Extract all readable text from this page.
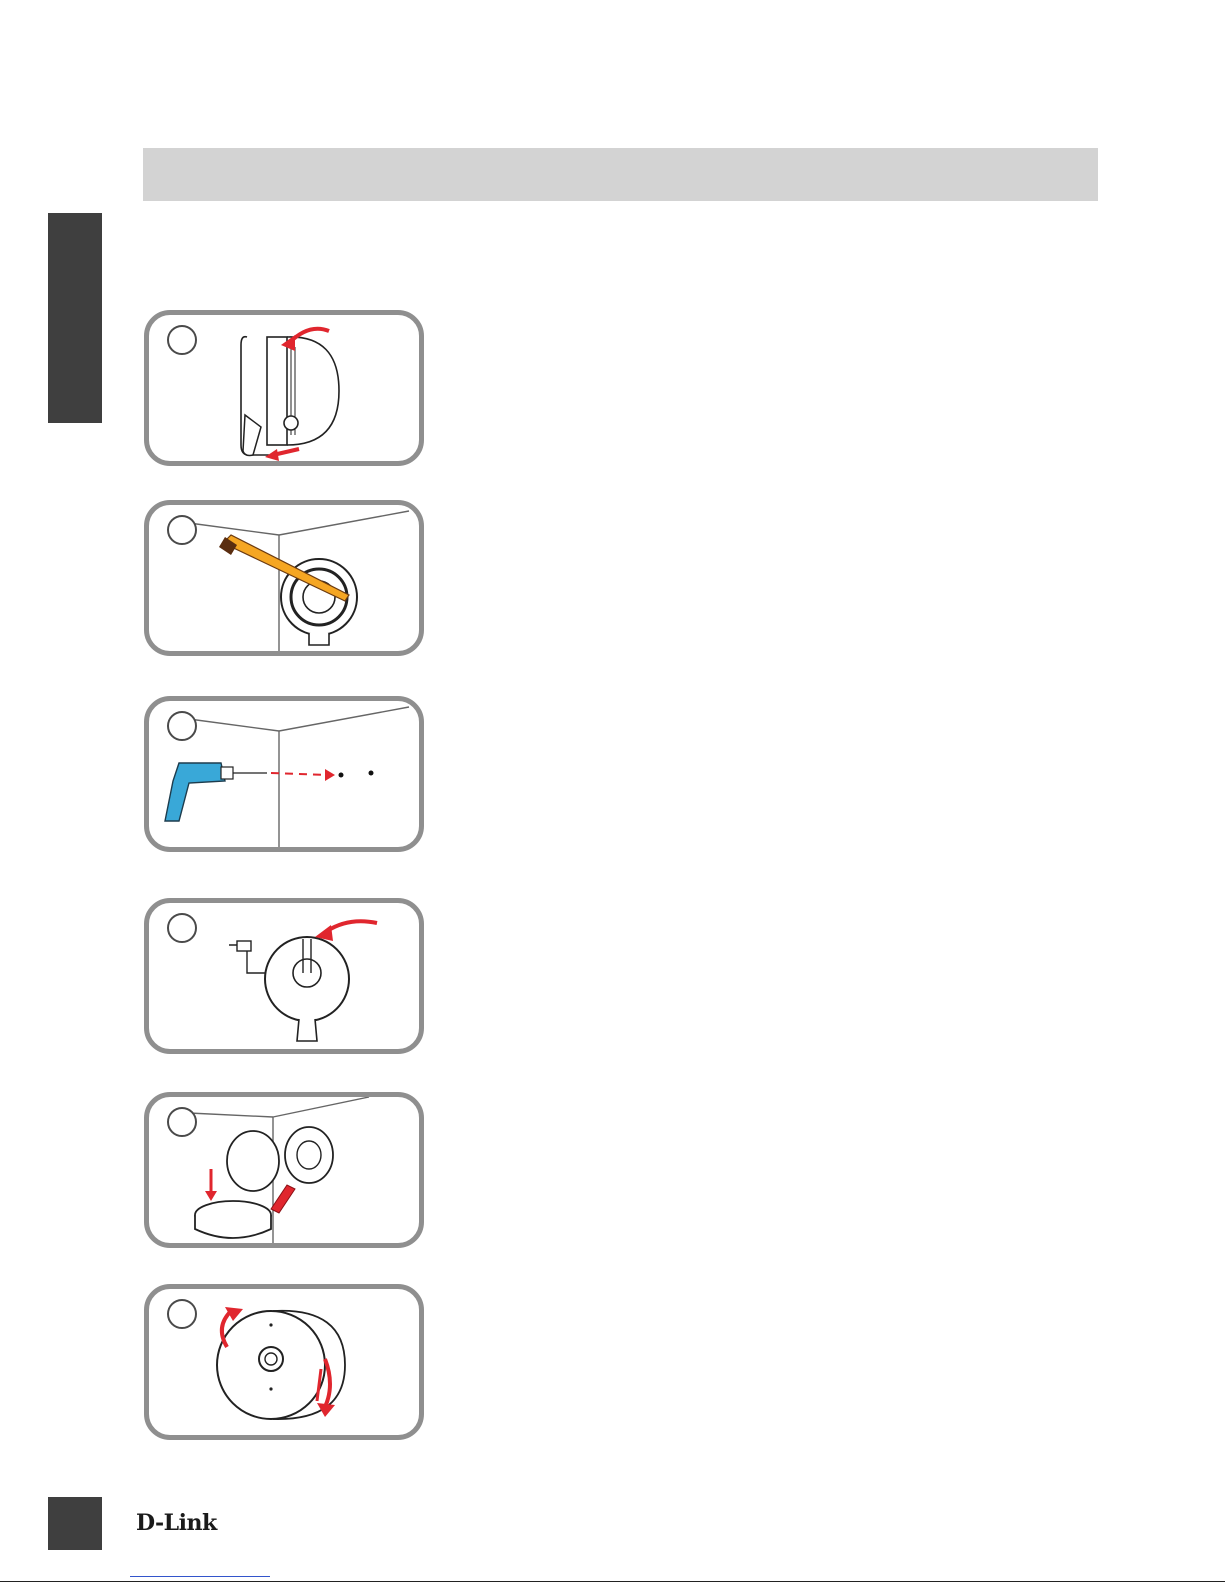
D-Link
